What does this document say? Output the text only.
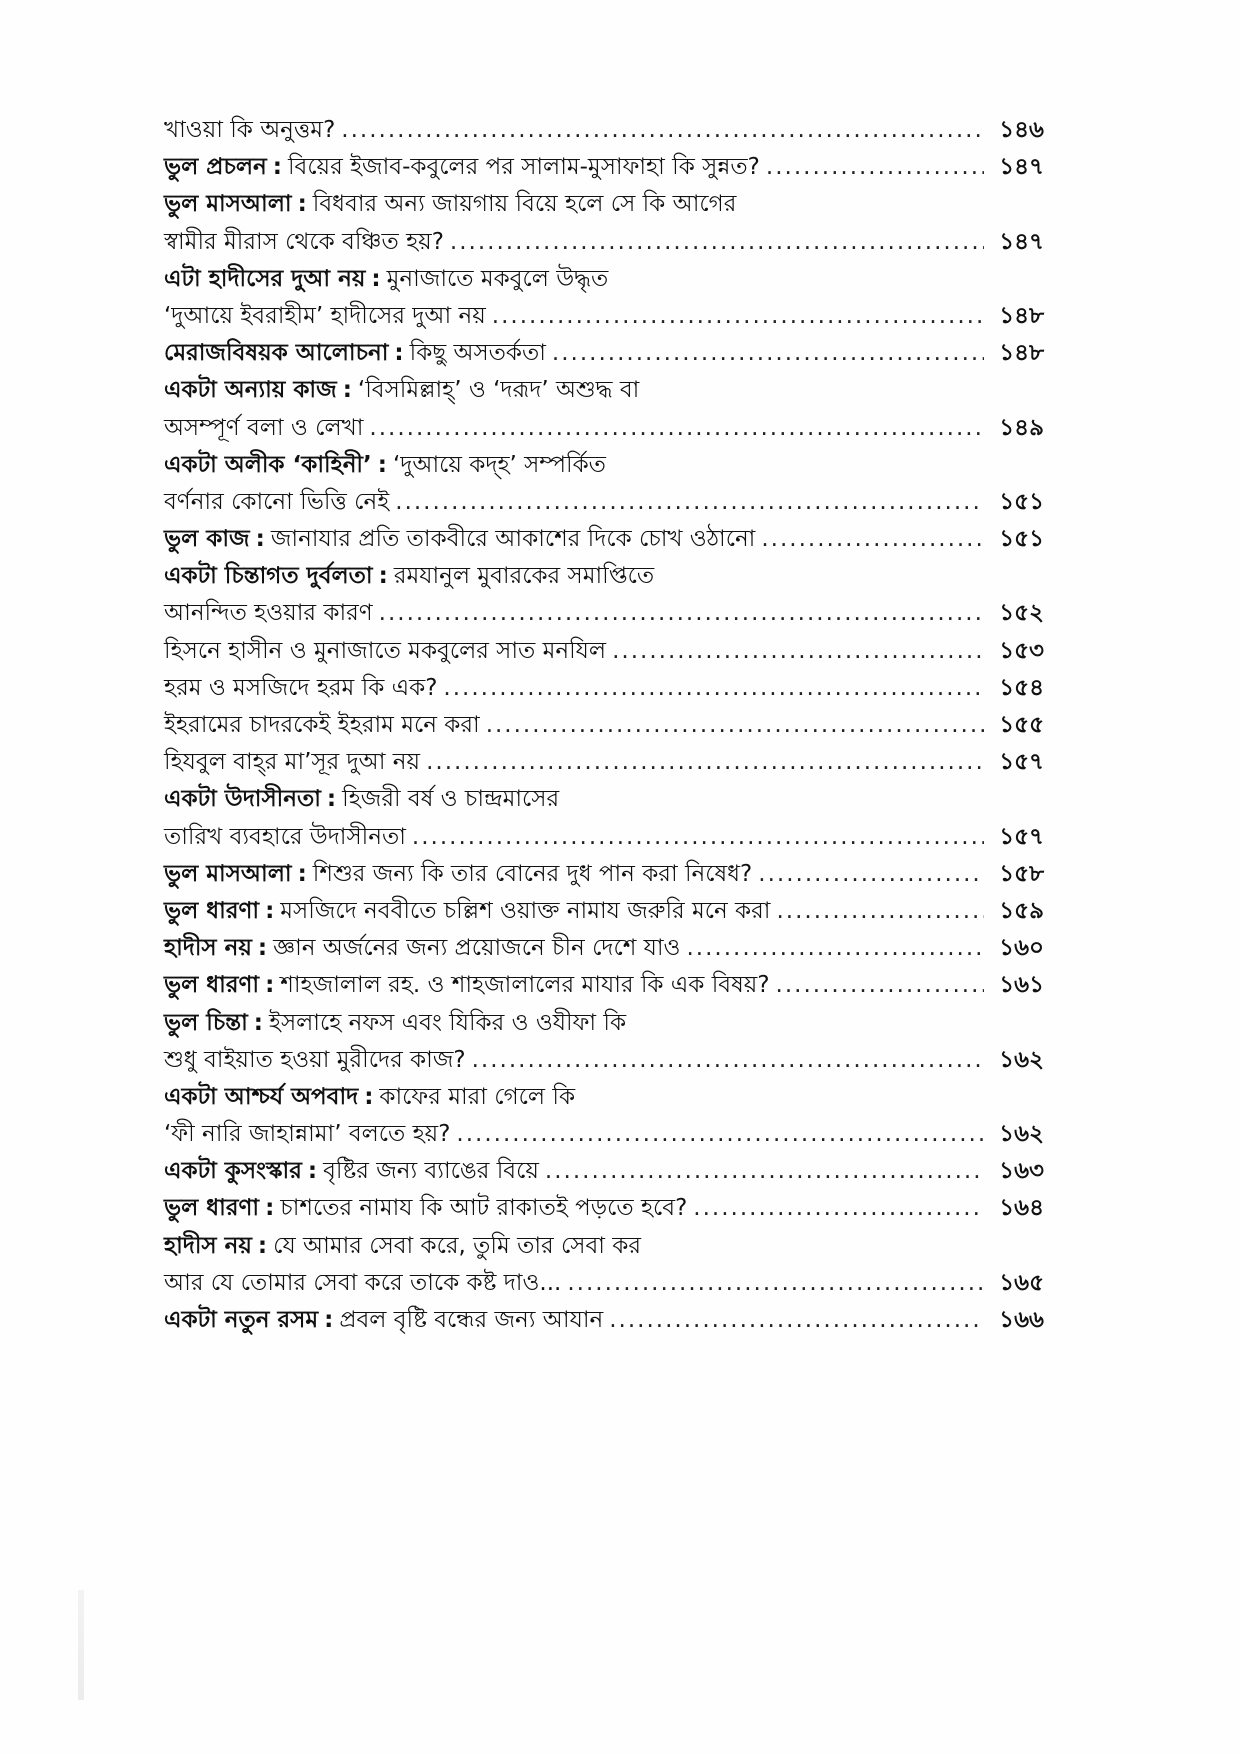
খাওয়া কি অনুত্তম? .....	১৪৬
ভুল প্রচলন : বিয়ের ইজাব-কবুলের পর সালাম-মুসাফাহা কি সুন্নত? .....	১৪৭
ভুল মাসআলা : বিধবার অন্য জায়গায় বিয়ে হলে সে কি আগের
স্বামীর মীরাস থেকে বঞ্চিত হয়? .....	১৪৭
এটা হাদীসের দুআ নয় : মুনাজাতে মকবুলে উদ্ধৃত
‘দুআয়ে ইবরাহীম’ হাদীসের দুআ নয় .....	১৪৮
মেরাজবিষয়ক আলোচনা : কিছু অসতর্কতা .....	১৪৮
একটা অন্যায় কাজ : ‘বিসমিল্লাহ্’ ও ‘দরূদ’ অশুদ্ধ বা
অসম্পূর্ণ বলা ও লেখা .....	১৪৯
একটা অলীক ‘কাহিনী’ : ‘দুআয়ে কদ্হ’ সম্পর্কিত
বর্ণনার কোনো ভিত্তি নেই .....	১৫১
ভুল কাজ : জানাযার প্রতি তাকবীরে আকাশের দিকে চোখ ওঠানো .....	১৫১
একটা চিন্তাগত দুর্বলতা : রমযানুল মুবারকের সমাপ্তিতে
আনন্দিত হওয়ার কারণ .....	১৫২
হিসনে হাসীন ও মুনাজাতে মকবুলের সাত মনযিল .....	১৫৩
হরম ও মসজিদে হরম কি এক? .....	১৫৪
ইহরামের চাদরকেই ইহরাম মনে করা .....	১৫৫
হিযবুল বাহ্‌র মা’সূর দুআ নয় .....	১৫৭
একটা উদাসীনতা : হিজরী বর্ষ ও চান্দ্রমাসের
তারিখ ব্যবহারে উদাসীনতা .....	১৫৭
ভুল মাসআলা : শিশুর জন্য কি তার বোনের দুধ পান করা নিষেধ? .....	১৫৮
ভুল ধারণা : মসজিদে নববীতে চল্লিশ ওয়াক্ত নামায জরুরি মনে করা .....	১৫৯
হাদীস নয় : জ্ঞান অর্জনের জন্য প্রয়োজনে চীন দেশে যাও .....	১৬০
ভুল ধারণা : শাহজালাল রহ. ও শাহজালালের মাযার কি এক বিষয়? .....	১৬১
ভুল চিন্তা : ইসলাহে নফস এবং যিকির ও ওযীফা কি
শুধু বাইয়াত হওয়া মুরীদের কাজ? .....	১৬২
একটা আশ্চর্য অপবাদ : কাফের মারা গেলে কি
‘ফী নারি জাহান্নামা’ বলতে হয়? .....	১৬২
একটা কুসংস্কার : বৃষ্টির জন্য ব্যাঙের বিয়ে .....	১৬৩
ভুল ধারণা : চাশতের নামায কি আট রাকাতই পড়তে হবে? .....	১৬৪
হাদীস নয় : যে আমার সেবা করে, তুমি তার সেবা কর
আর যে তোমার সেবা করে তাকে কষ্ট দাও... .....	১৬৫
একটা নতুন রসম : প্রবল বৃষ্টি বন্ধের জন্য আযান .....	১৬৬
